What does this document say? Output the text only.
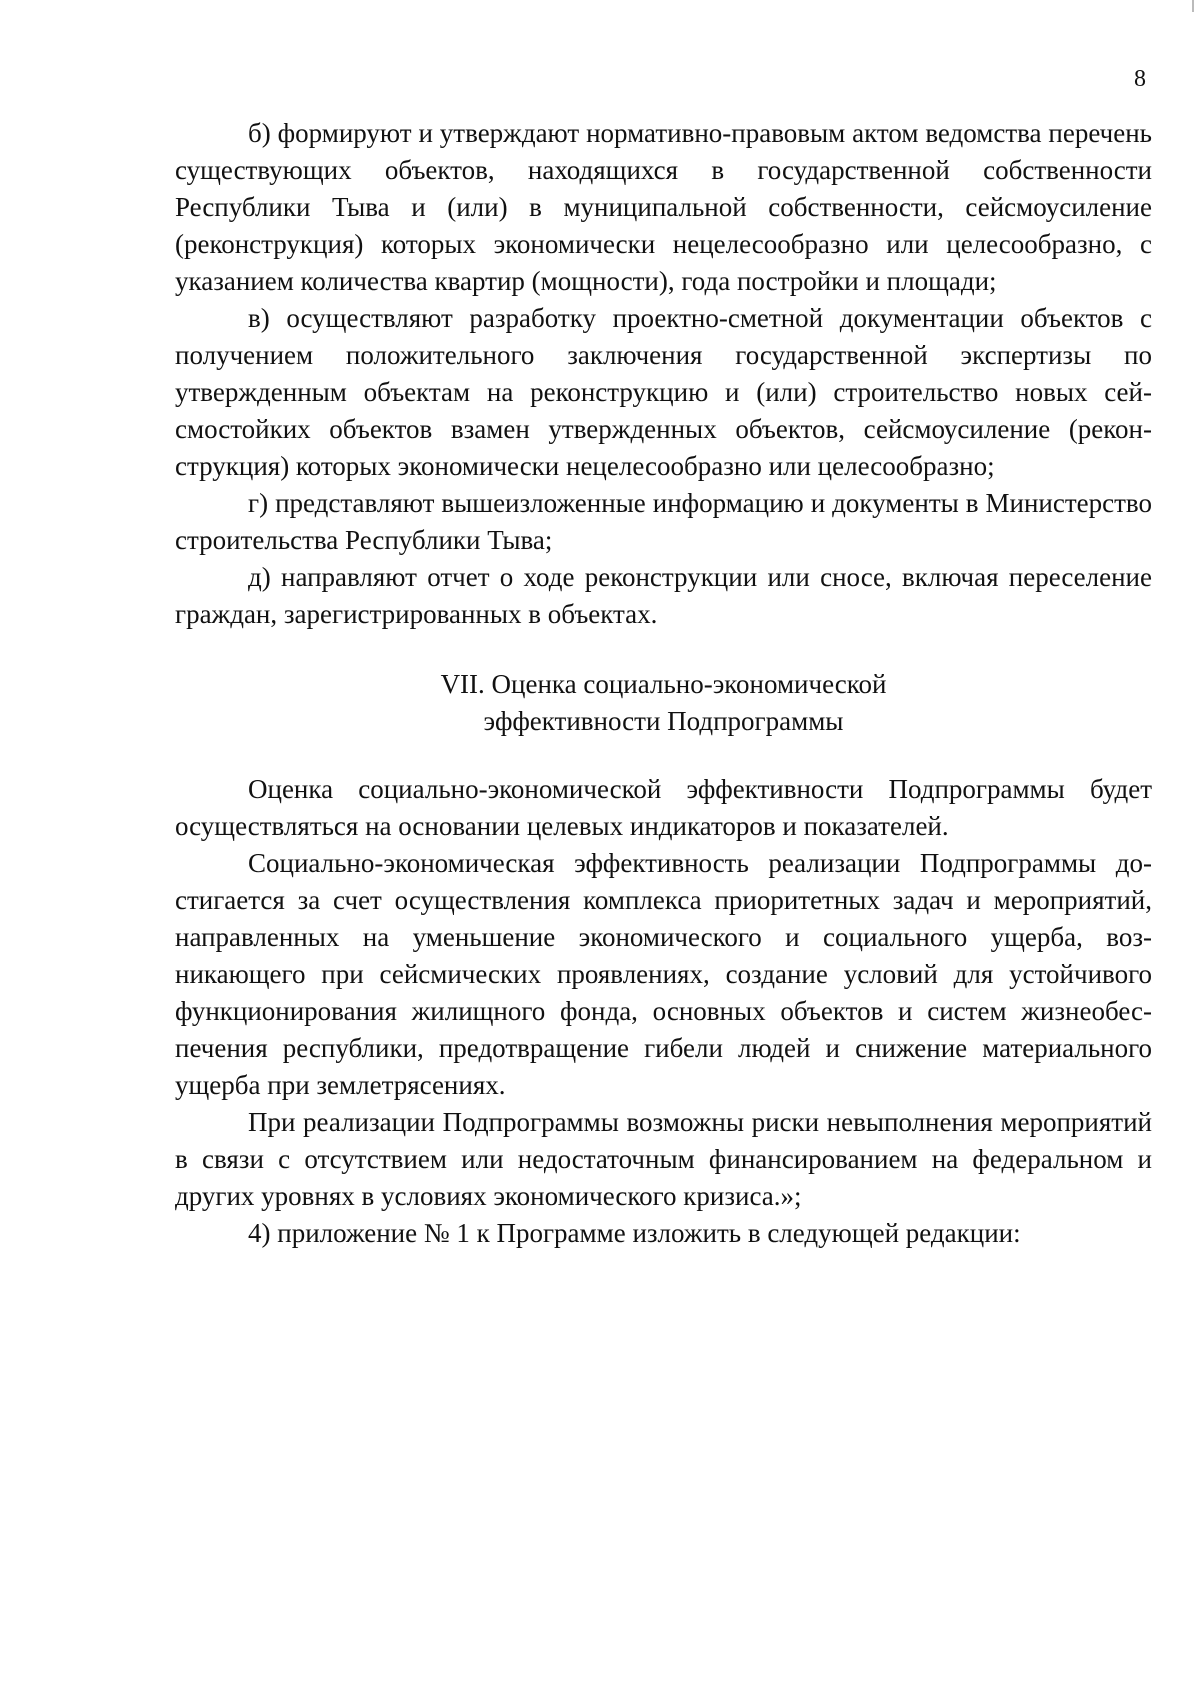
8

б) формируют и утверждают нормативно-правовым актом ведомства перечень существующих объектов, находящихся в государственной собственности Республики Тыва и (или) в муниципальной собственности, сейсмоусиление (реконструкция) которых экономически нецелесообразно или целесообразно, с указанием количества квартир (мощности), года постройки и площади;

в) осуществляют разработку проектно-сметной документации объектов с получением положительного заключения государственной экспертизы по утвержденным объектам на реконструкцию и (или) строительство новых сейсмостойких объектов взамен утвержденных объектов, сейсмоусиление (реконструкция) которых экономически нецелесообразно или целесообразно;

г) представляют вышеизложенные информацию и документы в Министерство строительства Республики Тыва;

д) направляют отчет о ходе реконструкции или сносе, включая переселение граждан, зарегистрированных в объектах.

VII. Оценка социально-экономической
эффективности Подпрограммы

Оценка социально-экономической эффективности Подпрограммы будет осуществляться на основании целевых индикаторов и показателей.

Социально-экономическая эффективность реализации Подпрограммы достигается за счет осуществления комплекса приоритетных задач и мероприятий, направленных на уменьшение экономического и социального ущерба, возникающего при сейсмических проявлениях, создание условий для устойчивого функционирования жилищного фонда, основных объектов и систем жизнеобеспечения республики, предотвращение гибели людей и снижение материального ущерба при землетрясениях.

При реализации Подпрограммы возможны риски невыполнения мероприятий в связи с отсутствием или недостаточным финансированием на федеральном и других уровнях в условиях экономического кризиса.»;

4) приложение № 1 к Программе изложить в следующей редакции:
